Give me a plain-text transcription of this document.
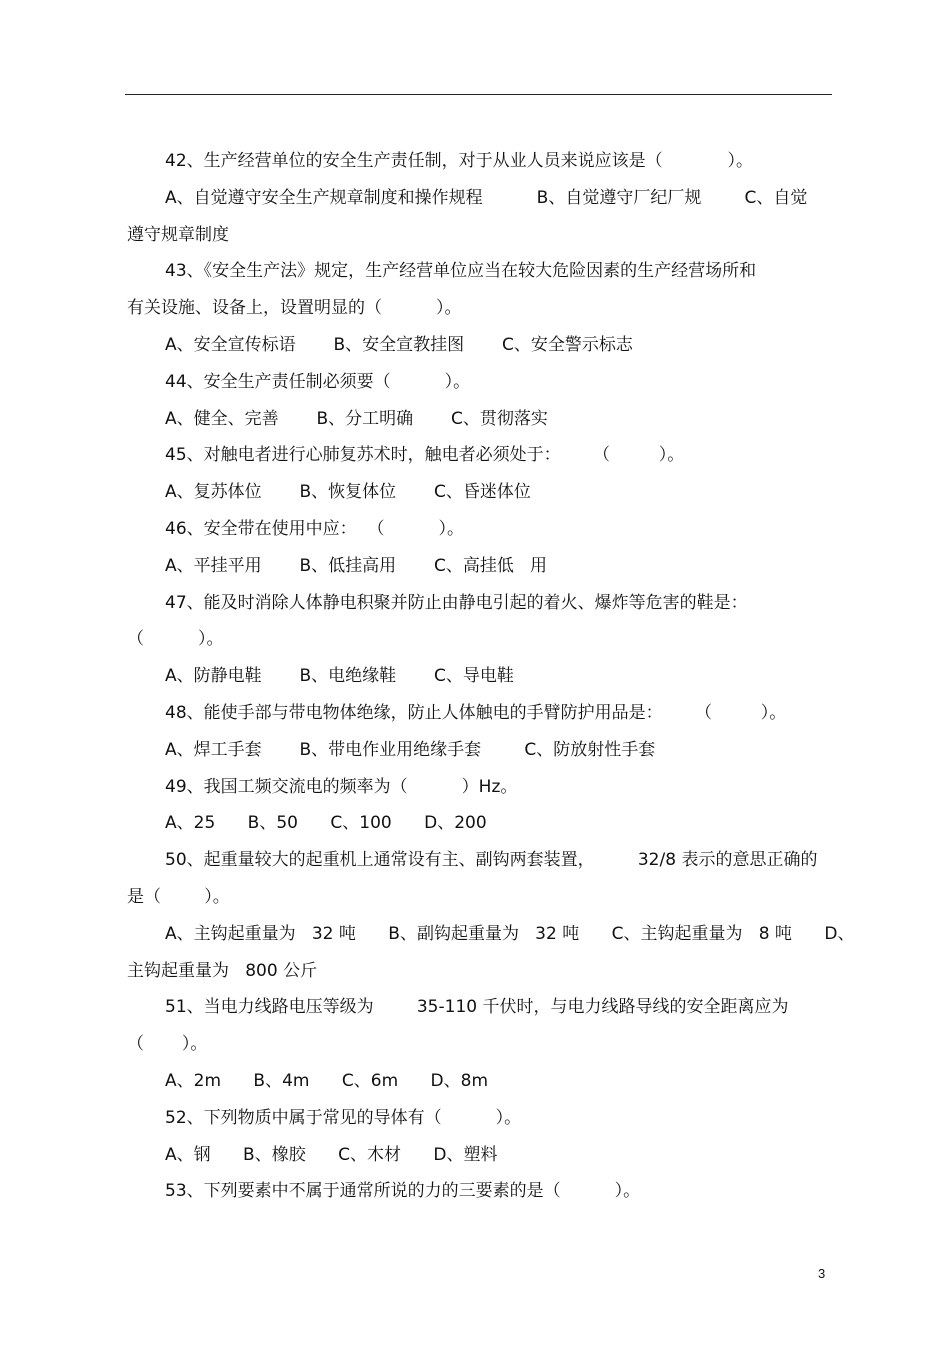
42、生产经营单位的安全生产责任制，对于从业人员来说应该是（            ）。
A、自觉遵守安全生产规章制度和操作规程          B、自觉遵守厂纪厂规        C、自觉
遵守规章制度
43、《安全生产法》规定，生产经营单位应当在较大危险因素的生产经营场所和
有关设施、设备上，设置明显的（          ）。
A、安全宣传标语       B、安全宣教挂图       C、安全警示标志
44、安全生产责任制必须要（          ）。
A、健全、完善       B、分工明确       C、贯彻落实
45、对触电者进行心肺复苏术时，触电者必须处于：      （         ）。
A、复苏体位       B、恢复体位       C、昏迷体位
46、安全带在使用中应：  （          ）。
A、平挂平用       B、低挂高用       C、高挂低   用
47、能及时消除人体静电积聚并防止由静电引起的着火、爆炸等危害的鞋是：
（          ）。
A、防静电鞋       B、电绝缘鞋       C、导电鞋
48、能使手部与带电物体绝缘，防止人体触电的手臂防护用品是：      （         ）。
A、焊工手套       B、带电作业用绝缘手套        C、防放射性手套
49、我国工频交流电的频率为（          ）Hz。
A、25      B、50      C、100      D、200
50、起重量较大的起重机上通常设有主、副钩两套装置，        32/8 表示的意思正确的
是（        ）。
A、主钩起重量为   32 吨      B、副钩起重量为   32 吨      C、主钩起重量为   8 吨      D、
主钩起重量为   800 公斤
51、当电力线路电压等级为        35-110 千伏时，与电力线路导线的安全距离应为
（       ）。
A、2m      B、4m      C、6m      D、8m
52、下列物质中属于常见的导体有（          ）。
A、钢      B、橡胶      C、木材      D、塑料
53、下列要素中不属于通常所说的力的三要素的是（          ）。
3
